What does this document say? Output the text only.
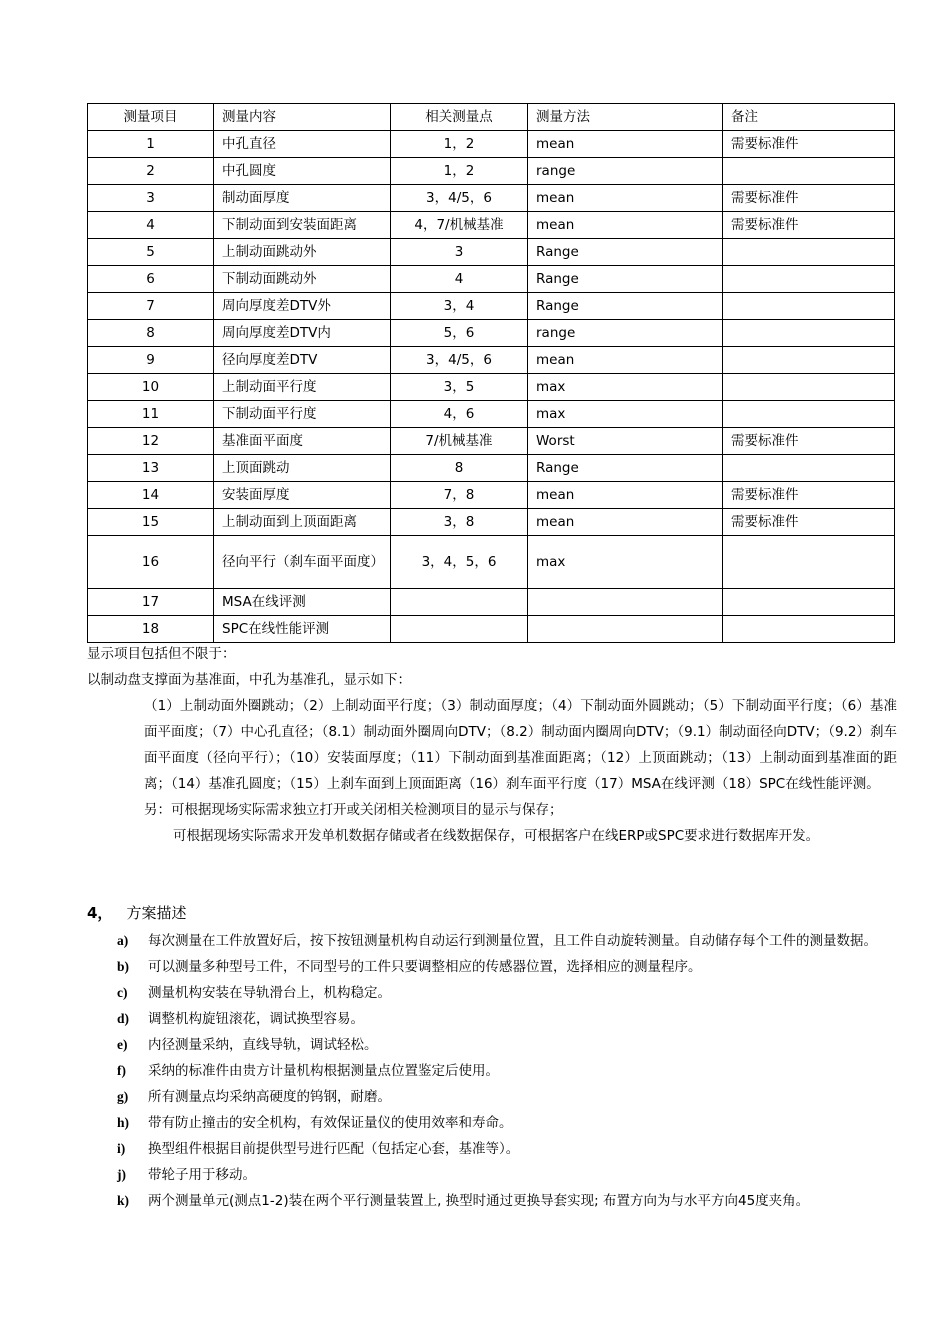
测量项目	测量内容	相关测量点	测量方法	备注
1	中孔直径	1，2	mean	需要标准件
2	中孔圆度	1，2	range	
3	制动面厚度	3，4/5，6	mean	需要标准件
4	下制动面到安装面距离	4，7/机械基准	mean	需要标准件
5	上制动面跳动外	3	Range	
6	下制动面跳动外	4	Range	
7	周向厚度差DTV外	3，4	Range	
8	周向厚度差DTV内	5，6	range	
9	径向厚度差DTV	3，4/5，6	mean	
10	上制动面平行度	3，5	max	
11	下制动面平行度	4，6	max	
12	基准面平面度	7/机械基准	Worst	需要标准件
13	上顶面跳动	8	Range	
14	安装面厚度	7，8	mean	需要标准件
15	上制动面到上顶面距离	3，8	mean	需要标准件
16	径向平行（刹车面平面度）	3，4，5，6	max	
17	MSA在线评测			
18	SPC在线性能评测			

显示项目包括但不限于：

以制动盘支撑面为基准面，中孔为基准孔，显示如下：

（1）上制动面外圈跳动；（2）上制动面平行度；（3）制动面厚度；（4）下制动面外圆跳动；（5）下制动面平行度；（6）基准面平面度；（7）中心孔直径；（8.1）制动面外圈周向DTV；（8.2）制动面内圈周向DTV；（9.1）制动面径向DTV；（9.2）刹车面平面度（径向平行）；（10）安装面厚度；（11）下制动面到基准面距离；（12）上顶面跳动；（13）上制动面到基准面的距离；（14）基准孔圆度；（15）上刹车面到上顶面距离（16）刹车面平行度（17）MSA在线评测（18）SPC在线性能评测。

另：可根据现场实际需求独立打开或关闭相关检测项目的显示与保存；

可根据现场实际需求开发单机数据存储或者在线数据保存，可根据客户在线ERP或SPC要求进行数据库开发。

4， 方案描述

a) 每次测量在工件放置好后，按下按钮测量机构自动运行到测量位置，且工件自动旋转测量。自动储存每个工件的测量数据。
b) 可以测量多种型号工件，不同型号的工件只要调整相应的传感器位置，选择相应的测量程序。
c) 测量机构安装在导轨滑台上，机构稳定。
d) 调整机构旋钮滚花，调试换型容易。
e) 内径测量采纳，直线导轨，调试轻松。
f) 采纳的标准件由贵方计量机构根据测量点位置鉴定后使用。
g) 所有测量点均采纳高硬度的钨钢，耐磨。
h) 带有防止撞击的安全机构，有效保证量仪的使用效率和寿命。
i) 换型组件根据目前提供型号进行匹配（包括定心套，基准等）。
j) 带轮子用于移动。
k) 两个测量单元(测点1-2)装在两个平行测量装置上, 换型时通过更换导套实现; 布置方向为与水平方向45度夹角。
